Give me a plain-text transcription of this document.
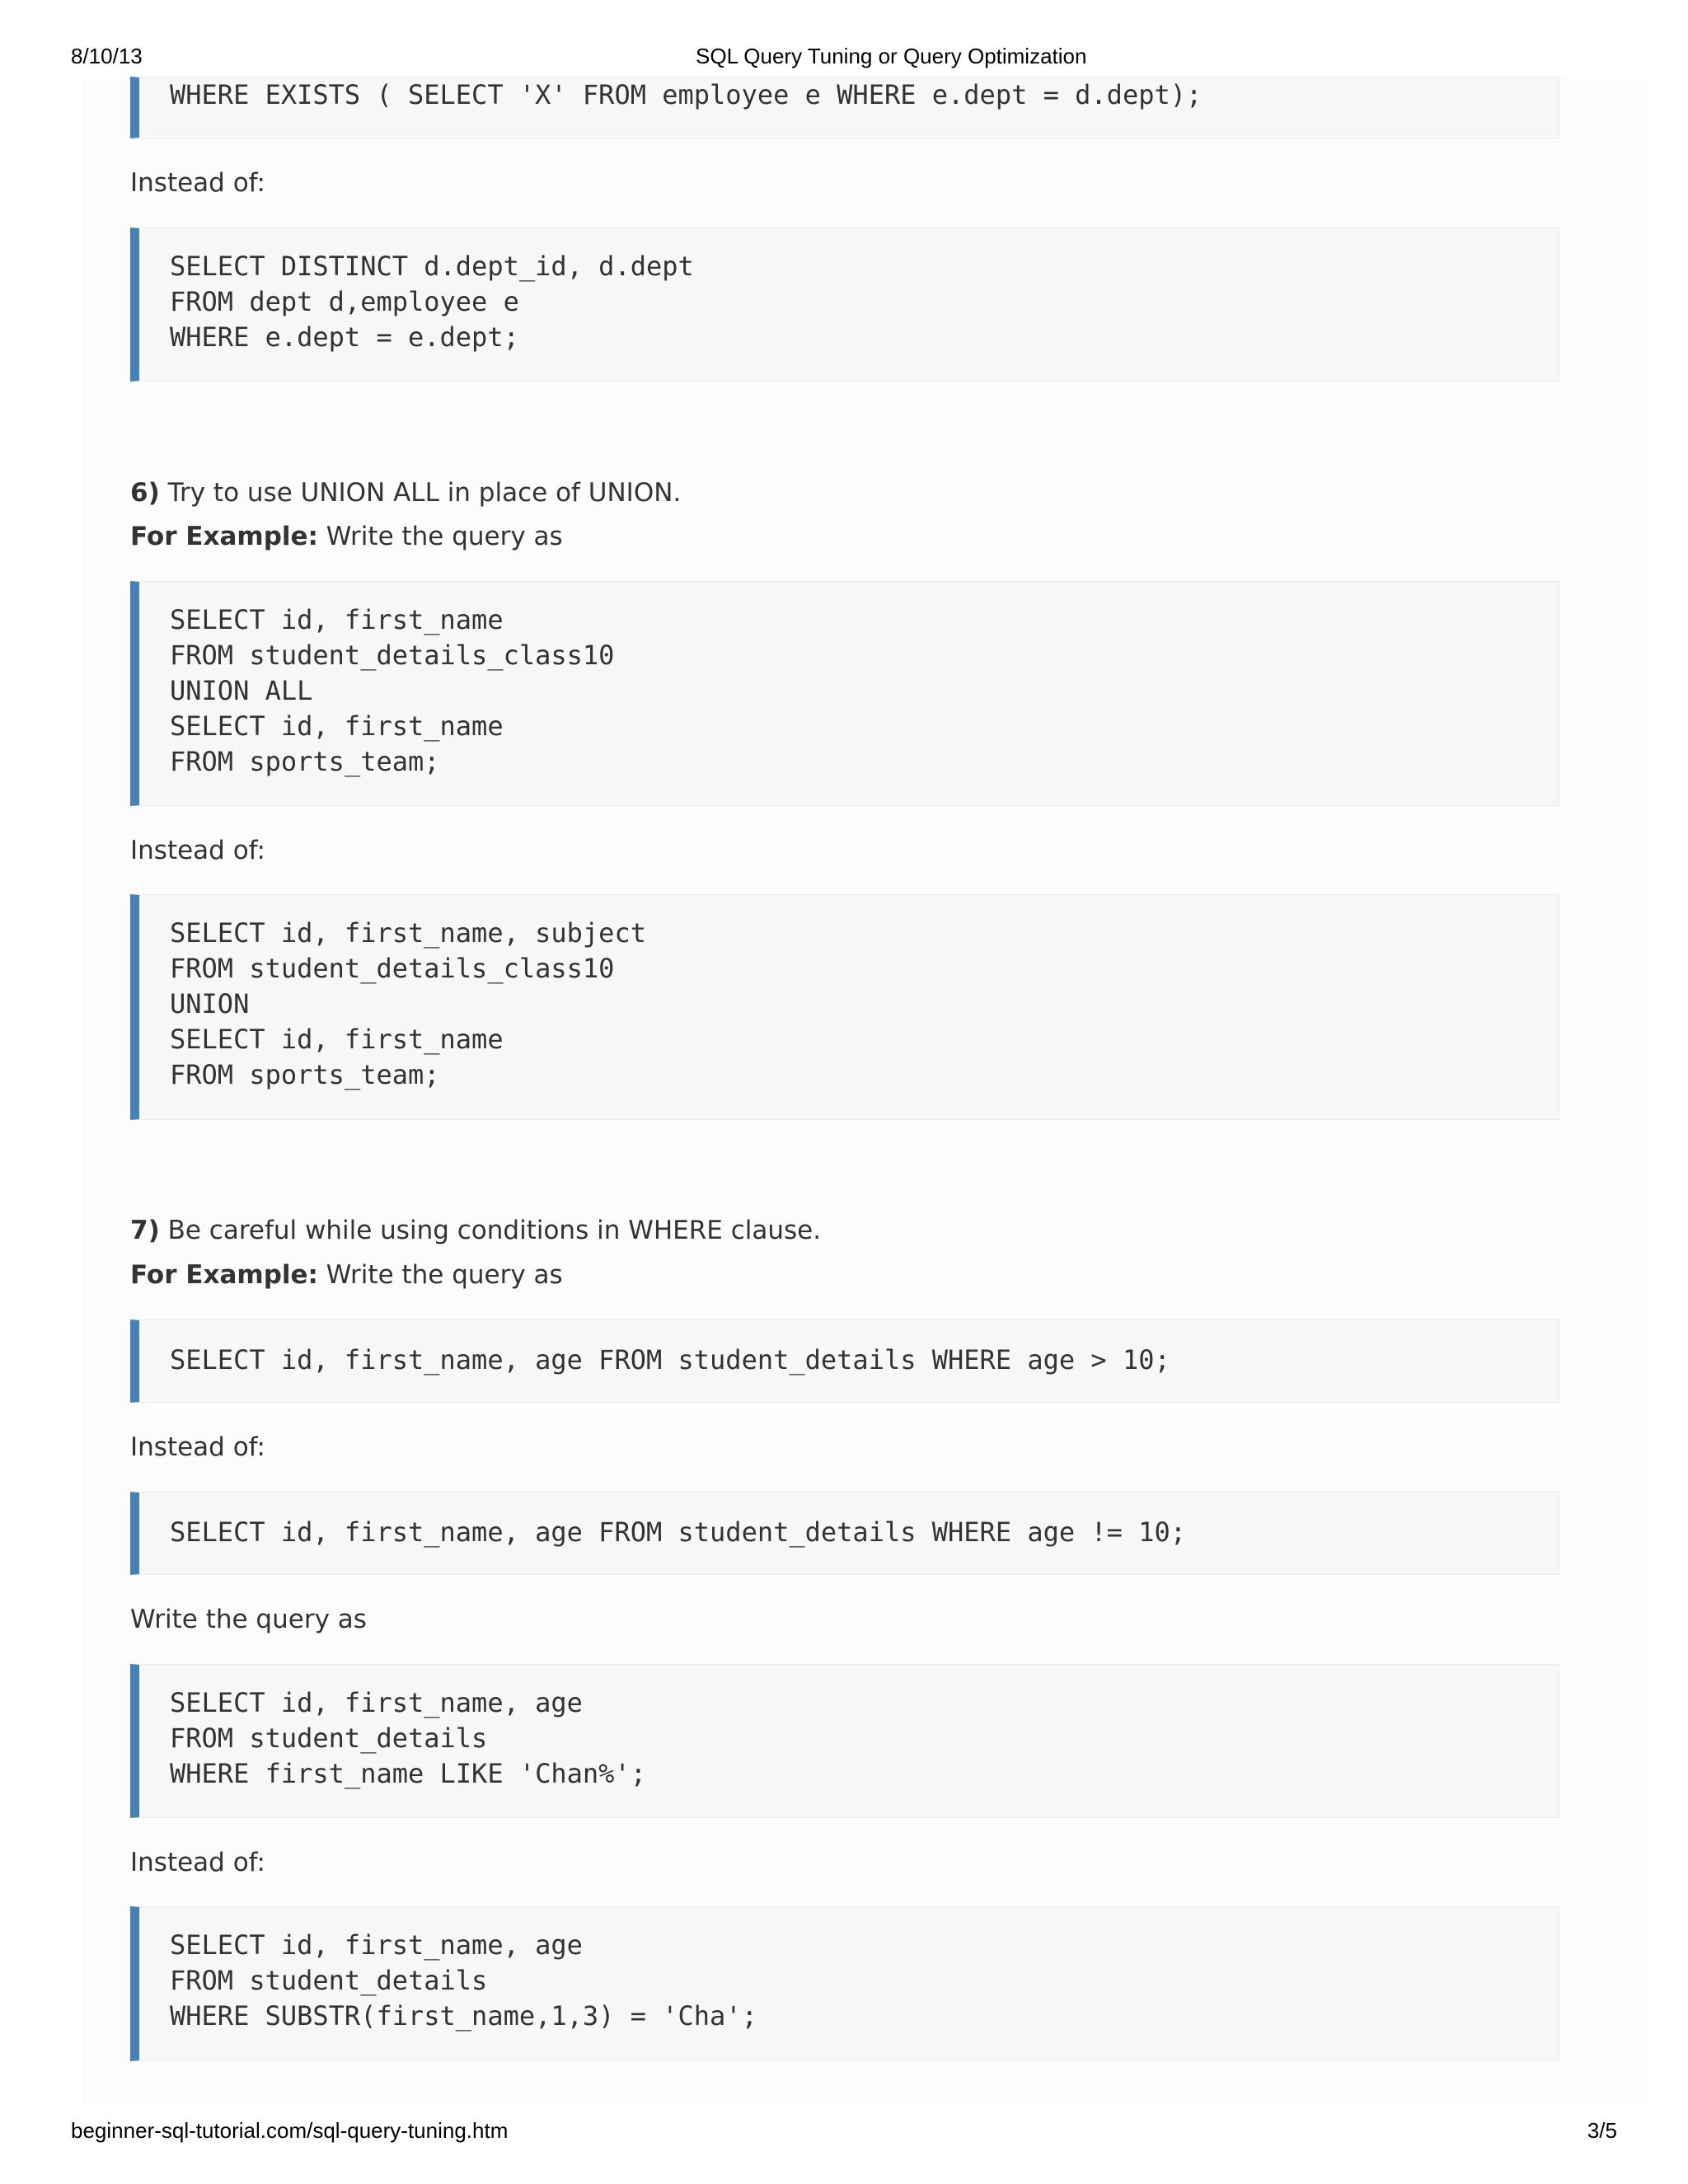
8/10/13	SQL Query Tuning or Query Optimization
WHERE EXISTS ( SELECT 'X' FROM employee e WHERE e.dept = d.dept);
Instead of:
SELECT DISTINCT d.dept_id, d.dept
FROM dept d,employee e
WHERE e.dept = e.dept;
6) Try to use UNION ALL in place of UNION.
For Example: Write the query as
SELECT id, first_name
FROM student_details_class10
UNION ALL
SELECT id, first_name
FROM sports_team;
Instead of:
SELECT id, first_name, subject
FROM student_details_class10
UNION
SELECT id, first_name
FROM sports_team;
7) Be careful while using conditions in WHERE clause.
For Example: Write the query as
SELECT id, first_name, age FROM student_details WHERE age > 10;
Instead of:
SELECT id, first_name, age FROM student_details WHERE age != 10;
Write the query as
SELECT id, first_name, age
FROM student_details
WHERE first_name LIKE 'Chan%';
Instead of:
SELECT id, first_name, age
FROM student_details
WHERE SUBSTR(first_name,1,3) = 'Cha';
beginner-sql-tutorial.com/sql-query-tuning.htm	3/5
